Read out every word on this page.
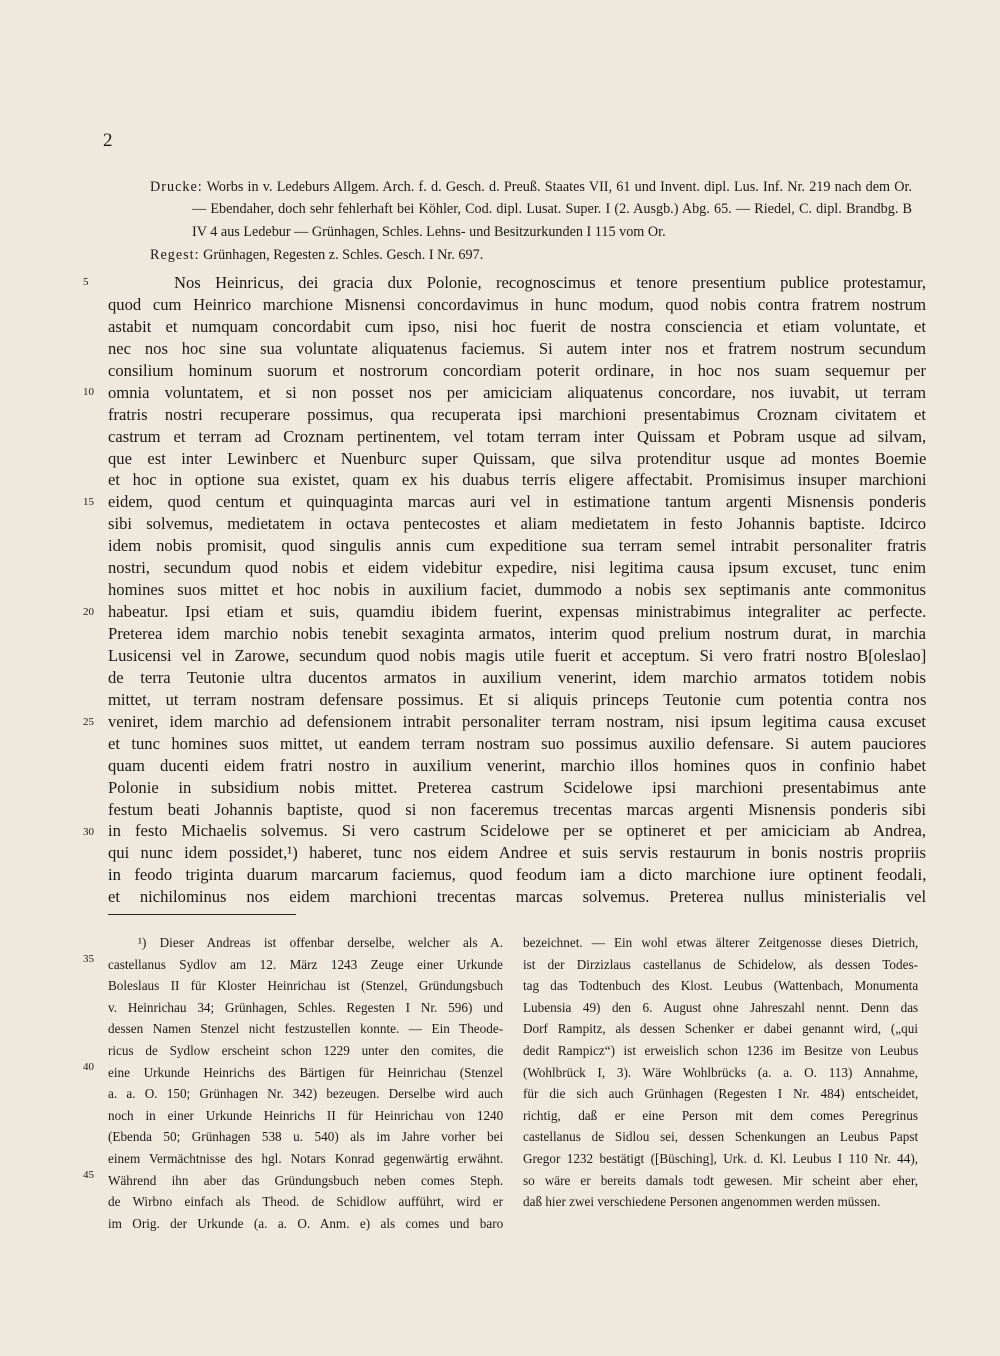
2

Drucke: Worbs in v. Ledeburs Allgem. Arch. f. d. Gesch. d. Preuß. Staates VII, 61 und Invent. dipl. Lus. Inf. Nr. 219 nach dem Or. — Ebendaher, doch sehr fehlerhaft bei Köhler, Cod. dipl. Lusat. Super. I (2. Ausgb.) Abg. 65. — Riedel, C. dipl. Brandbg. B IV 4 aus Ledebur — Grünhagen, Schles. Lehns- und Besitzurkunden I 115 vom Or.

Regest: Grünhagen, Regesten z. Schles. Gesch. I Nr. 697.

5
10
15
20
25
30
Nos Heinricus, dei gracia dux Polonie, recognoscimus et tenore presentium publice protestamur,
quod cum Heinrico marchione Misnensi concordavimus in hunc modum, quod nobis contra fratrem nostrum
astabit et numquam concordabit cum ipso, nisi hoc fuerit de nostra consciencia et etiam voluntate, et
nec nos hoc sine sua voluntate aliquatenus faciemus. Si autem inter nos et fratrem nostrum secundum
consilium hominum suorum et nostrorum concordiam poterit ordinare, in hoc nos suam sequemur per
omnia voluntatem, et si non posset nos per amiciciam aliquatenus concordare, nos iuvabit, ut terram
fratris nostri recuperare possimus, qua recuperata ipsi marchioni presentabimus Croznam civitatem et
castrum et terram ad Croznam pertinentem, vel totam terram inter Quissam et Pobram usque ad silvam,
que est inter Lewinberc et Nuenburc super Quissam, que silva protenditur usque ad montes Boemie
et hoc in optione sua existet, quam ex his duabus terris eligere affectabit. Promisimus insuper marchioni
eidem, quod centum et quinquaginta marcas auri vel in estimatione tantum argenti Misnensis ponderis
sibi solvemus, medietatem in octava pentecostes et aliam medietatem in festo Johannis baptiste. Idcirco
idem nobis promisit, quod singulis annis cum expeditione sua terram semel intrabit personaliter fratris
nostri, secundum quod nobis et eidem videbitur expedire, nisi legitima causa ipsum excuset, tunc enim
homines suos mittet et hoc nobis in auxilium faciet, dummodo a nobis sex septimanis ante commonitus
habeatur. Ipsi etiam et suis, quamdiu ibidem fuerint, expensas ministrabimus integraliter ac perfecte.
Preterea idem marchio nobis tenebit sexaginta armatos, interim quod prelium nostrum durat, in marchia
Lusicensi vel in Zarowe, secundum quod nobis magis utile fuerit et acceptum. Si vero fratri nostro B[oleslao]
de terra Teutonie ultra ducentos armatos in auxilium venerint, idem marchio armatos totidem nobis
mittet, ut terram nostram defensare possimus. Et si aliquis princeps Teutonie cum potentia contra nos
veniret, idem marchio ad defensionem intrabit personaliter terram nostram, nisi ipsum legitima causa excuset
et tunc homines suos mittet, ut eandem terram nostram suo possimus auxilio defensare. Si autem pauciores
quam ducenti eidem fratri nostro in auxilium venerint, marchio illos homines quos in confinio habet
Polonie in subsidium nobis mittet. Preterea castrum Scidelowe ipsi marchioni presentabimus ante
festum beati Johannis baptiste, quod si non faceremus trecentas marcas argenti Misnensis ponderis sibi
in festo Michaelis solvemus. Si vero castrum Scidelowe per se optineret et per amiciciam ab Andrea,
qui nunc idem possidet,¹) haberet, tunc nos eidem Andree et suis servis restaurum in bonis nostris propriis
in feodo triginta duarum marcarum faciemus, quod feodum iam a dicto marchione iure optinent feodali,
et nichilominus nos eidem marchioni trecentas marcas solvemus. Preterea nullus ministerialis vel
35
40
45
¹) Dieser Andreas ist offenbar derselbe, welcher als A.
castellanus Sydlov am 12. März 1243 Zeuge einer Urkunde
Boleslaus II für Kloster Heinrichau ist (Stenzel, Gründungsbuch
v. Heinrichau 34; Grünhagen, Schles. Regesten I Nr. 596) und
dessen Namen Stenzel nicht festzustellen konnte. — Ein Theode-
ricus de Sydlow erscheint schon 1229 unter den comites, die
eine Urkunde Heinrichs des Bärtigen für Heinrichau (Stenzel
a. a. O. 150; Grünhagen Nr. 342) bezeugen. Derselbe wird auch
noch in einer Urkunde Heinrichs II für Heinrichau von 1240
(Ebenda 50; Grünhagen 538 u. 540) als im Jahre vorher bei
einem Vermächtnisse des hgl. Notars Konrad gegenwärtig erwähnt.
Während ihn aber das Gründungsbuch neben comes Steph.
de Wirbno einfach als Theod. de Schidlow aufführt, wird er
im Orig. der Urkunde (a. a. O. Anm. e) als comes und baro
bezeichnet. — Ein wohl etwas älterer Zeitgenosse dieses Dietrich,
ist der Dirzizlaus castellanus de Schidelow, als dessen Todes-
tag das Todtenbuch des Klost. Leubus (Wattenbach, Monumenta
Lubensia 49) den 6. August ohne Jahreszahl nennt. Denn das
Dorf Rampitz, als dessen Schenker er dabei genannt wird, („qui
dedit Rampicz“) ist erweislich schon 1236 im Besitze von Leubus
(Wohlbrück I, 3). Wäre Wohlbrücks (a. a. O. 113) Annahme,
für die sich auch Grünhagen (Regesten I Nr. 484) entscheidet,
richtig, daß er eine Person mit dem comes Peregrinus
castellanus de Sidlou sei, dessen Schenkungen an Leubus Papst
Gregor 1232 bestätigt ([Büsching], Urk. d. Kl. Leubus I 110 Nr. 44),
so wäre er bereits damals todt gewesen. Mir scheint aber eher,
daß hier zwei verschiedene Personen angenommen werden müssen.
